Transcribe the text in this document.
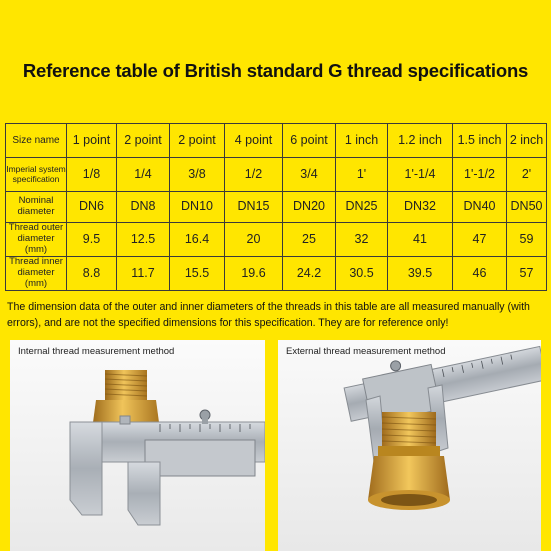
Reference table of British standard G thread specifications
Size name	1 point	2 point	2 point	4 point	6 point	1 inch	1.2 inch	1.5 inch	2 inch
Imperial system specification	1/8	1/4	3/8	1/2	3/4	1'	1'-1/4	1'-1/2	2'
Nominal diameter	DN6	DN8	DN10	DN15	DN20	DN25	DN32	DN40	DN50
Thread outer diameter (mm)	9.5	12.5	16.4	20	25	32	41	47	59
Thread inner diameter (mm)	8.8	11.7	15.5	19.6	24.2	30.5	39.5	46	57
The dimension data of the outer and inner diameters of the threads in this table are all measured manually (with errors), and are not the specified dimensions for this specification. They are for reference only!
Internal thread measurement method	External thread measurement method
